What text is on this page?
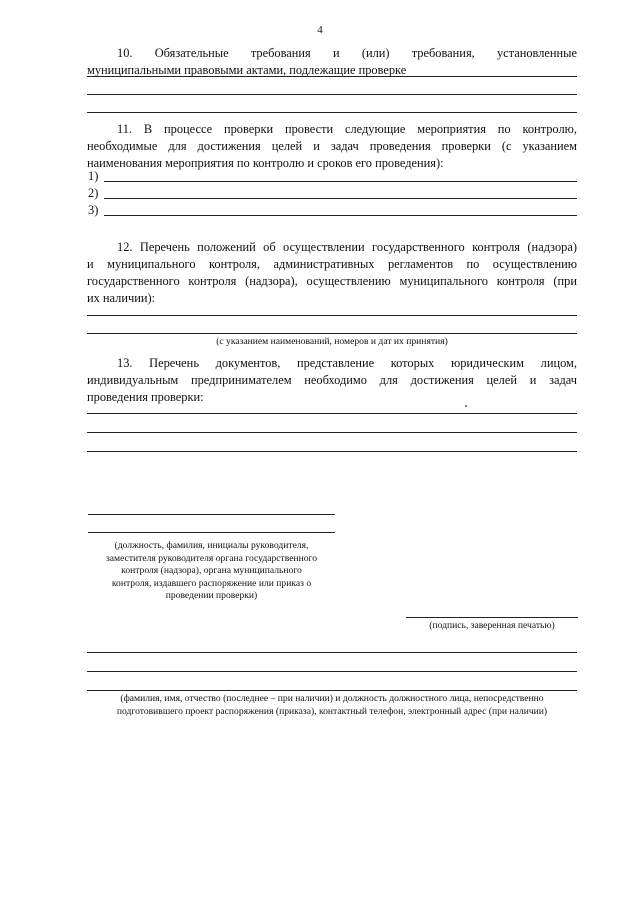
4
10. Обязательные требования и (или) требования, установленные
муниципальными правовыми актами, подлежащие проверке
11. В процессе проверки провести следующие мероприятия по контролю,
необходимые для достижения целей и задач проведения проверки (с указанием
наименования мероприятия по контролю и сроков его проведения):
1)
2)
3)
12. Перечень положений об осуществлении государственного контроля (надзора)
и муниципального контроля, административных регламентов по осуществлению
государственного контроля (надзора), осуществлению муниципального контроля (при
их наличии):
(с указанием наименований, номеров и дат их принятия)
13. Перечень документов, представление которых юридическим лицом,
индивидуальным предпринимателем необходимо для достижения целей и задач
проведения проверки:
(должность, фамилия, инициалы руководителя,
заместителя руководителя органа государственного
контроля (надзора), органа муниципального
контроля, издавшего распоряжение или приказ о
проведении проверки)
(подпись, заверенная печатью)
(фамилия, имя, отчество (последнее – при наличии) и должность должностного лица, непосредственно
подготовившего проект распоряжения (приказа), контактный телефон, электронный адрес (при наличии)
